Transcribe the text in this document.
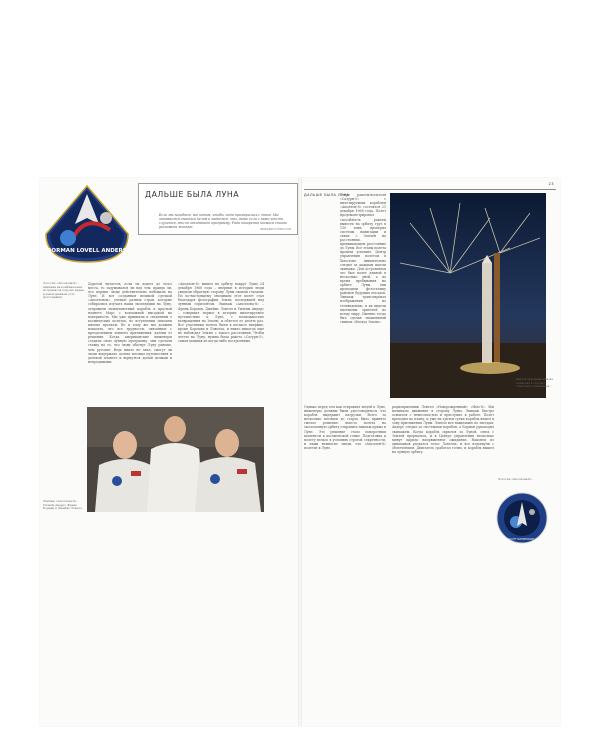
BORMAN LOVELL ANDERS
ДАЛЬШЕ БЫЛА ЛУНА
Если мы погибнем, мы хотим, чтобы люди примирились с этим. Мы занимаемся опасным делом и надеемся, что, даже если с нами что-то случится, это не отодвинет программу. Ради покорения космоса стоит рисковать жизнью.
ВИРДЖИЛ ГРИССОМ
Логотип «Аполлона-8» – нашивка на комбинезонах астронавтов (хорошо видна в левом нижнем углу фотографии).
Дорогой читатель, если ты дошел до этого места, то задумывался ли над тем, правда ли, что первые люди действительно побывали на Луне. И вот созданная великой сделкой «Аполлонов», ученые разных стран, которые собирались изучать наши экспедиции на Луну, отправили межпланетный корабль к красной планете Марс с возможной высадкой на поверхность. Мы уже привыкли к сведениям о космических полетах, во вступлении описаны многие проекты. Но к тому же мы должны показать, что все трудности, связанные с преодолением земного притяжения, далеки от решения. Когда американские инженеры создали свою лунную программу, они сделали ставку на то, что люди обогнут Луну раньше, чем русские. Ведь никто не знал, смогут ли люди выдержать долгие месяцы путешествия к далекой планете и вернуться домой целыми и невредимыми.
«Аполлон-8» вышел на орбиту вокруг Луны 24 декабря 1968 года – впервые в истории люди увидели обратную сторону Луны своими глазами. Но по-настоящему значимым этот полет стал благодаря фотографии Земли, восходящей над лунным горизонтом. Экипаж «Аполлона-8» – Фрэнк Борман, Джеймс Ловелл и Уильям Андерс – совершил первое в истории пилотируемое путешествие к Луне, с возможностью возвращения на Землю, и облетел ее десять раз. Все участники полета были в космосе впервые, кроме Бормана и Ловелла, и никто никогда еще не наблюдал Землю с такого расстояния. Чтобы лететь на Луну, нужна была ракета «Сатурн-5», самая мощная из когда-либо построенных.
Экипаж «Аполлона-8»: Уильям Андерс, Фрэнк Борман и Джеймс Ловелл.
ДАЛЬШЕ БЫЛА ЛУНА
23
Старт ракеты-носителя «Сатурн-5» с пилотируемым кораблем «Аполлон-8» состоялся 21 декабря 1968 года. Полет продемонстрировал способность ракеты вывести на орбиту груз в 130 тонн, проверил системы навигации и связи с Землей на расстоянии, превышающем расстояние до Луны. Все этапы полета прошли успешно. Центр управления полетом в Хьюстоне внимательно следил за каждым шагом экипажа. Для астронавтов это был полет длиной в несколько дней, а во время пребывания на орбите Луны они проводили фотосъемку районов будущих посадок. Экипаж транслировал изображения по телевидению, и их видели миллионы зрителей по всему миру. Именно тогда был сделан знаменитый снимок «Восход Земли».
Однако перед тем как отправить людей к Луне, инженеры должны были удостовериться, что корабль выдержит нагрузки. Всего за несколько месяцев до старта было принято смелое решение: вместо полета на околоземную орбиту отправить экипаж прямо к Луне. Это решение стало поворотным моментом в космической гонке. Подготовка к полету велась в условиях строгой секретности, и лишь немногие знали, что «Аполлон-8» полетит к Луне.
радиоприемник Ловелл «Новорожденный» «Нью-8». Мы начинаем движение в сторону Луны. Экипаж быстро освоился с невесомостью и приступил к работе. Полет проходил по плану, и уже на третьи сутки корабль вошел в зону притяжения Луны. Ловелл вел навигацию по звездам, Андерс следил за системами корабля, а Борман руководил экипажем. Когда корабль скрылся за Луной, связь с Землей прервалась, и в Центре управления несколько минут царило напряженное ожидание. Наконец из динамиков раздался голос Ловелла, и все вздохнули с облегчением. Двигатель сработал точно, и корабль вышел на лунную орбиту.
Ракета при движении на полигоне в сторону стартового комплекса.
Логотип «Аполлона-8».
BORMAN SCOTT SCHWEICKART APOLLO 9
